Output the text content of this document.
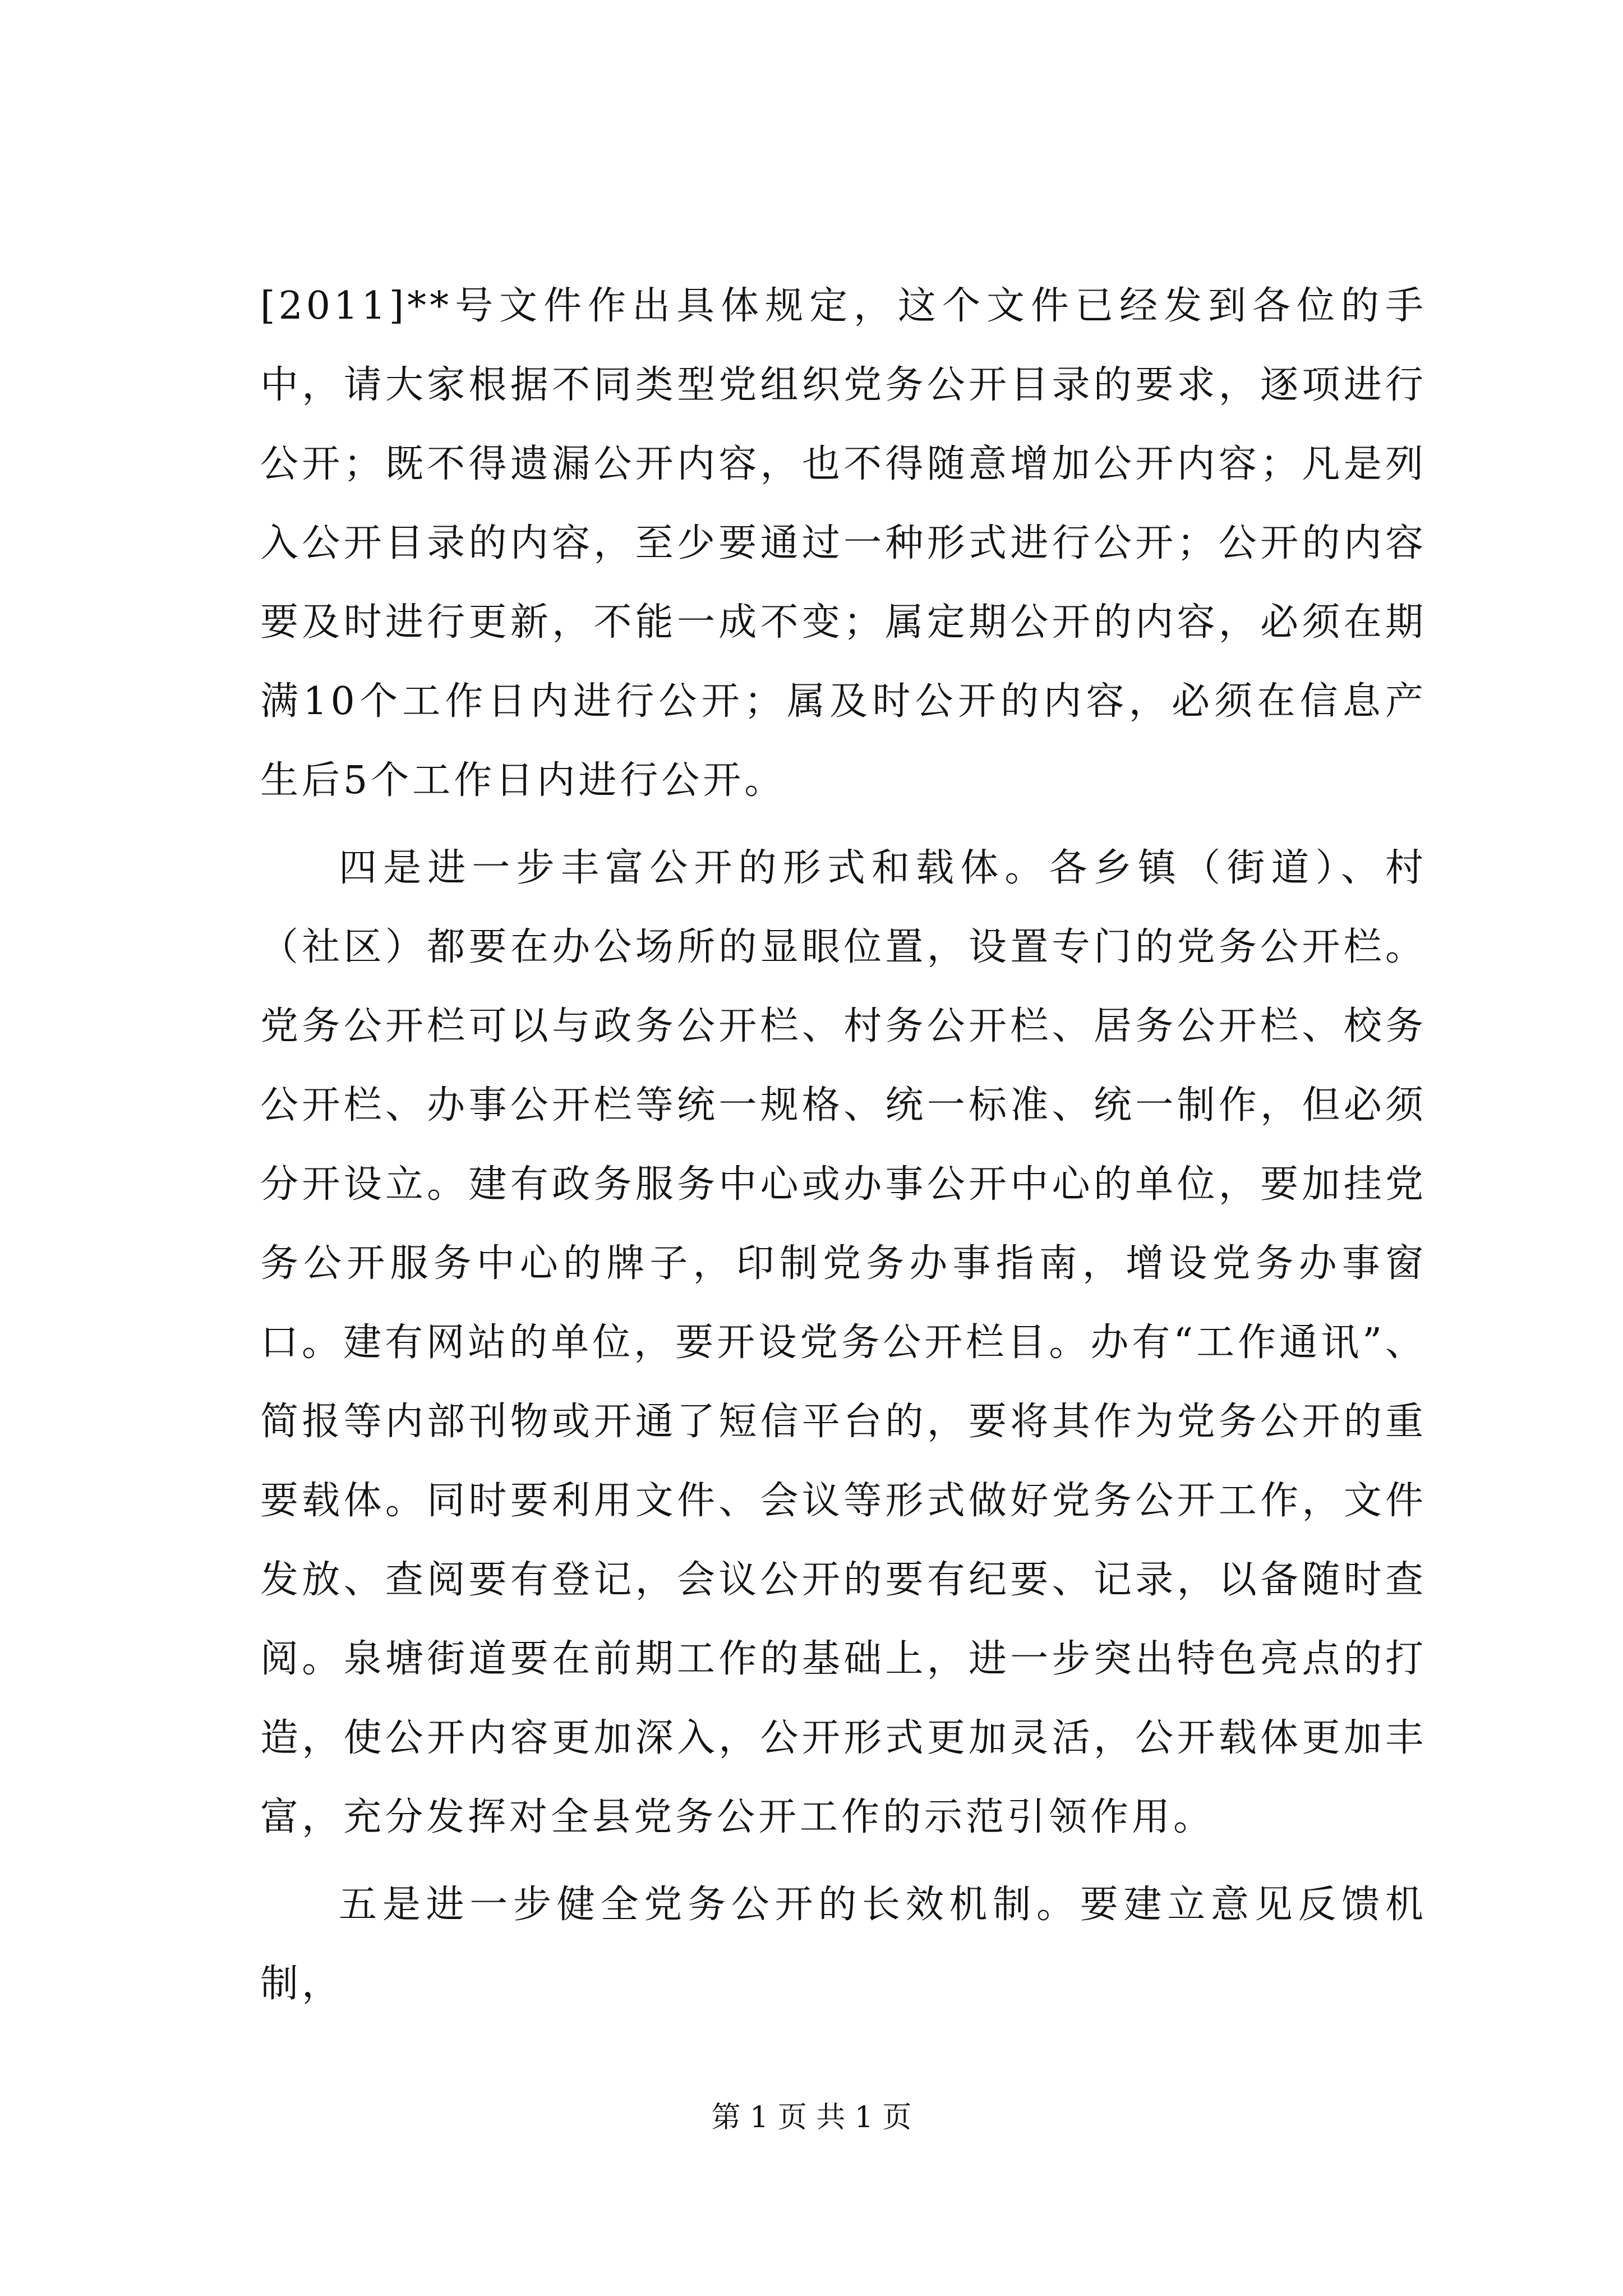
[2011]**号文件作出具体规定，这个文件已经发到各位的手中，请大家根据不同类型党组织党务公开目录的要求，逐项进行公开；既不得遗漏公开内容，也不得随意增加公开内容；凡是列入公开目录的内容，至少要通过一种形式进行公开；公开的内容要及时进行更新，不能一成不变；属定期公开的内容，必须在期满10个工作日内进行公开；属及时公开的内容，必须在信息产生后5个工作日内进行公开。

四是进一步丰富公开的形式和载体。各乡镇（街道）、村（社区）都要在办公场所的显眼位置，设置专门的党务公开栏。党务公开栏可以与政务公开栏、村务公开栏、居务公开栏、校务公开栏、办事公开栏等统一规格、统一标准、统一制作，但必须分开设立。建有政务服务中心或办事公开中心的单位，要加挂党务公开服务中心的牌子，印制党务办事指南，增设党务办事窗口。建有网站的单位，要开设党务公开栏目。办有“工作通讯”、简报等内部刊物或开通了短信平台的，要将其作为党务公开的重要载体。同时要利用文件、会议等形式做好党务公开工作，文件发放、查阅要有登记，会议公开的要有纪要、记录，以备随时查阅。泉塘街道要在前期工作的基础上，进一步突出特色亮点的打造，使公开内容更加深入，公开形式更加灵活，公开载体更加丰富，充分发挥对全县党务公开工作的示范引领作用。

五是进一步健全党务公开的长效机制。要建立意见反馈机制，

第 1 页 共 1 页
